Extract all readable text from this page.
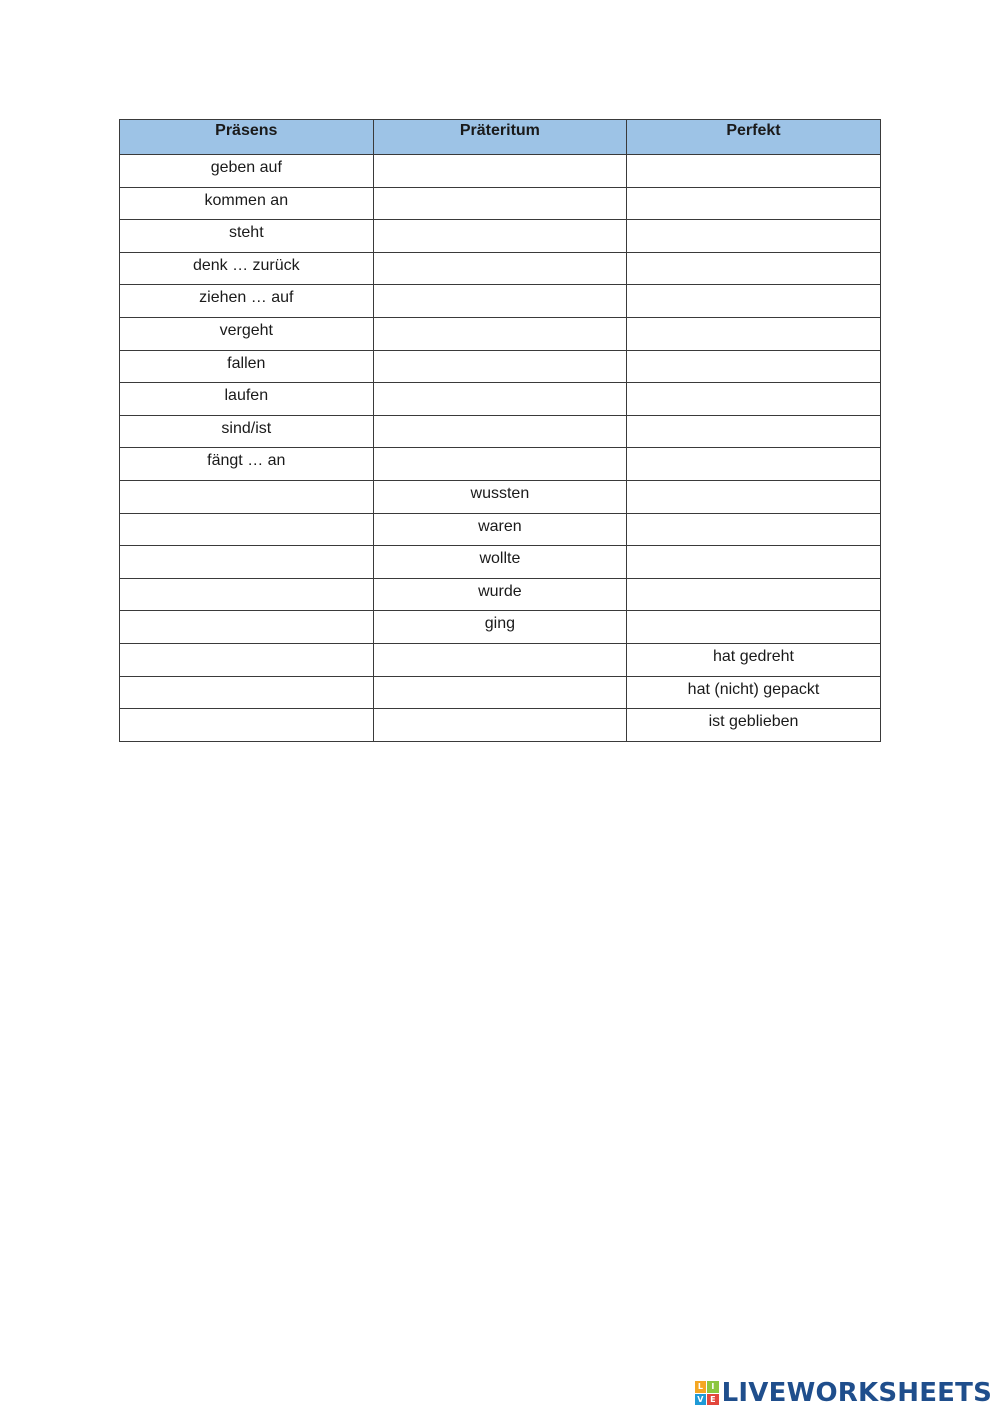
Präsens	Präteritum	Perfekt
geben auf		
kommen an		
steht		
denk … zurück		
ziehen … auf		
vergeht		
fallen		
laufen		
sind/ist		
fängt … an		
	wussten	
	waren	
	wollte	
	wurde	
	ging	
		hat gedreht
		hat (nicht) gepackt
		ist geblieben
L	I
V E LIVEWORKSHEETS
